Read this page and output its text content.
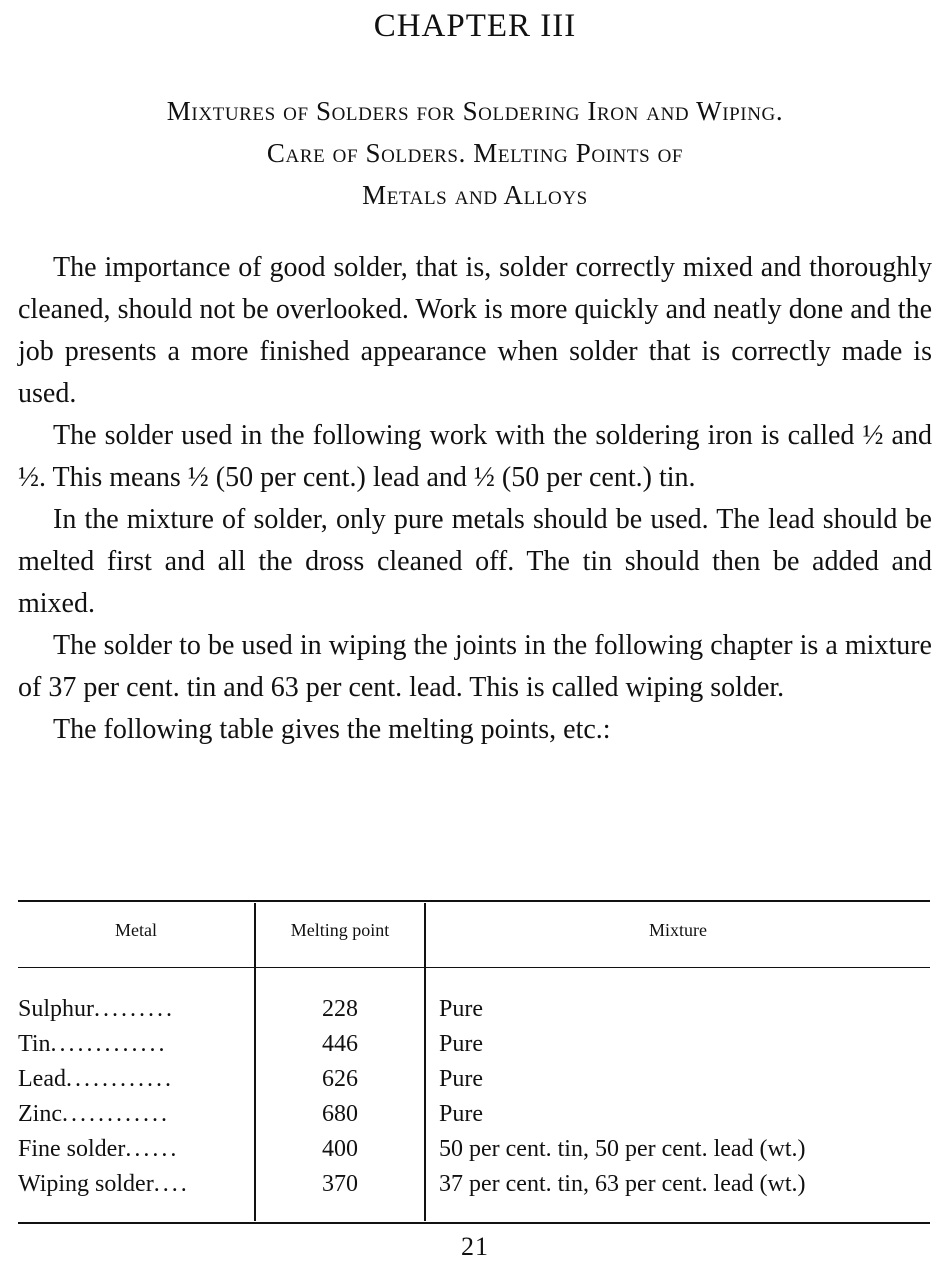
CHAPTER III
Mixtures of Solders for Soldering Iron and Wiping.
Care of Solders. Melting Points of
Metals and Alloys

The importance of good solder, that is, solder correctly mixed and thoroughly cleaned, should not be overlooked. Work is more quickly and neatly done and the job presents a more finished appearance when solder that is correctly made is used.

The solder used in the following work with the soldering iron is called ½ and ½. This means ½ (50 per cent.) lead and ½ (50 per cent.) tin.

In the mixture of solder, only pure metals should be used. The lead should be melted first and all the dross cleaned off. The tin should then be added and mixed.

The solder to be used in wiping the joints in the following chapter is a mixture of 37 per cent. tin and 63 per cent. lead. This is called wiping solder.

The following table gives the melting points, etc.:

Metal	Melting point	Mixture
Sulphur.........	228	Pure
Tin.............	446	Pure
Lead............	626	Pure
Zinc............	680	Pure
Fine solder......	400	50 per cent. tin, 50 per cent. lead (wt.)
Wiping solder....	370	37 per cent. tin, 63 per cent. lead (wt.)
21
